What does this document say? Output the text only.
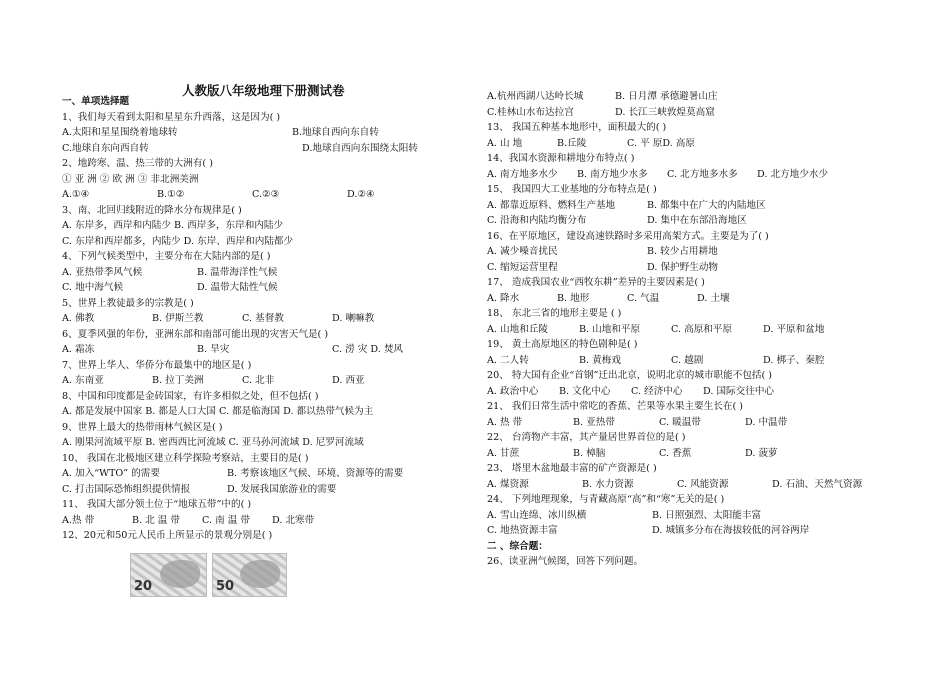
人教版八年级地理下册测试卷
一、单项选择题
1、我们每天看到太阳和星星东升西落，这是因为( )
A.太阳和星星围绕着地球转	B.地球自西向东自转
C.地球自东向西自转	D.地球自西向东围绕太阳转
2、地跨寒、温、热三带的大洲有( )
① 亚 洲 ② 欧 洲 ③ 非北洲美洲
A.①④	B.①②	C.②③	D.②④
3、南、北回归线附近的降水分布规律是( )
A. 东岸多，西岸和内陆少 B. 西岸多，东岸和内陆少
C. 东岸和西岸都多，内陆少 D. 东岸、西岸和内陆都少
4、下列气候类型中，主要分布在大陆内部的是( )
A. 亚热带季风气候	B. 温带海洋性气候
C. 地中海气候	D. 温带大陆性气候
5、世界上教徒最多的宗教是( )
A. 佛教	B. 伊斯兰教	C. 基督教	D. 喇嘛教
6、夏季风强的年份，亚洲东部和南部可能出现的灾害天气是( )
A. 霜冻	B. 旱灾	C. 涝 灾 D. 焚风
7、世界上华人、华侨分布最集中的地区是( )
A. 东南亚	B. 拉丁美洲	C. 北非	D. 西亚
8、中国和印度都是金砖国家，有许多相似之处，但不包括( )
A. 都是发展中国家 B. 都是人口大国 C. 都是临海国 D. 都以热带气候为主
9、世界上最大的热带雨林气候区是( )
A. 刚果河流域平原 B. 密西西比河流域 C. 亚马孙河流域 D. 尼罗河流域
10、 我国在北极地区建立科学探险考察站，主要目的是( )
A. 加入“WTO” 的需要	B. 考察该地区气候、环境、资源等的需要
C. 打击国际恐怖组织提供情报	D. 发展我国旅游业的需要
11、 我国大部分领土位于“地球五带”中的( )
A.热 带	B. 北 温 带 C. 南 温 带 D. 北寒带
12、20元和50元人民币上所显示的景观分别是( )
A.杭州西湖八达岭长城	B. 日月潭 承德避暑山庄
C.桂林山水布达拉宫	D. 长江三峡敦煌莫高窟
13、 我国五种基本地形中，面积最大的( )
A. 山 地	B.丘陵	C. 平 原D. 高原
14、我国水资源和耕地分布特点( )
A. 南方地多水少 B. 南方地少水多 C. 北方地多水多 D. 北方地少水少
15、 我国四大工业基地的分布特点是( )
A. 都靠近原料、燃料生产基地	B. 都集中在广大的内陆地区
C. 沿海和内陆均衡分布	D. 集中在东部沿海地区
16、在平原地区，建设高速铁路时多采用高架方式。主要是为了( )
A. 减少噪音扰民	B. 较少占用耕地
C. 缩短运营里程	D. 保护野生动物
17、 造成我国农业“西牧东耕”差异的主要因素是( )
A. 降水	B. 地形	C. 气温	D. 土壤
18、 东北三省的地形主要是 ( )
A. 山地和丘陵	B. 山地和平原	C. 高原和平原	D. 平原和盆地
19、 黄土高原地区的特色剧种是( )
A. 二人转	B. 黄梅戏	C. 越剧	D. 梆子、秦腔
20、 特大国有企业“首钢”迁出北京，说明北京的城市职能不包括( )
A. 政治中心 B. 文化中心 C. 经济中心 D. 国际交往中心
21、 我们日常生活中常吃的香蕉、芒果等水果主要生长在( )
A. 热 带	B. 亚热带	C. 暖温带	D. 中温带
22、 台湾物产丰富，其产量居世界首位的是( )
A. 甘蔗	B. 樟脑	C. 香蕉	D. 菠萝
23、 塔里木盆地最丰富的矿产资源是( )
A. 煤资源	B. 水力资源	C. 风能资源	D. 石油、天然气资源
24、 下列地理现象，与青藏高原“高”和“寒”无关的是( )
A. 雪山连绵、冰川纵横	B. 日照强烈、太阳能丰富
C. 地热资源丰富	D. 城镇多分布在海拔较低的河谷两岸
二 、综合题：
26、读亚洲气候图，回答下列问题。
20	50
